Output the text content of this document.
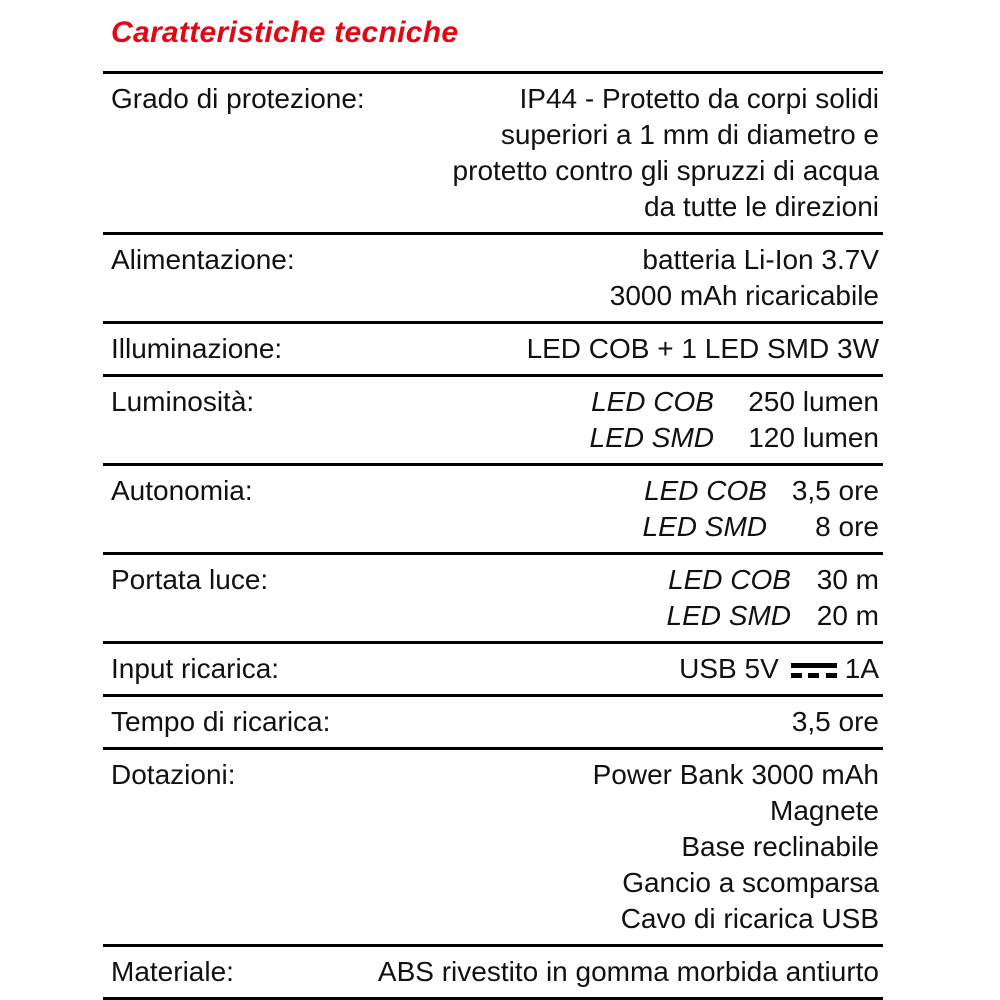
Caratteristiche tecniche
Grado di protezione:	IP44 - Protetto da corpi solidi
superiori a 1 mm di diametro e
protetto contro gli spruzzi di acqua
da tutte le direzioni
Alimentazione:	batteria Li-Ion 3.7V
3000 mAh ricaricabile
Illuminazione:	LED COB + 1 LED SMD 3W
Luminosità:	LED COB	250 lumen
LED SMD	120 lumen
Autonomia:	LED COB 3,5 ore
LED SMD	8 ore
Portata luce:	LED COB 30 m
LED SMD 20 m
Input ricarica:	USB 5V 1A
Tempo di ricarica:	3,5 ore
Dotazioni:	Power Bank 3000 mAh
Magnete
Base reclinabile
Gancio a scomparsa
Cavo di ricarica USB
Materiale:	ABS rivestito in gomma morbida antiurto
